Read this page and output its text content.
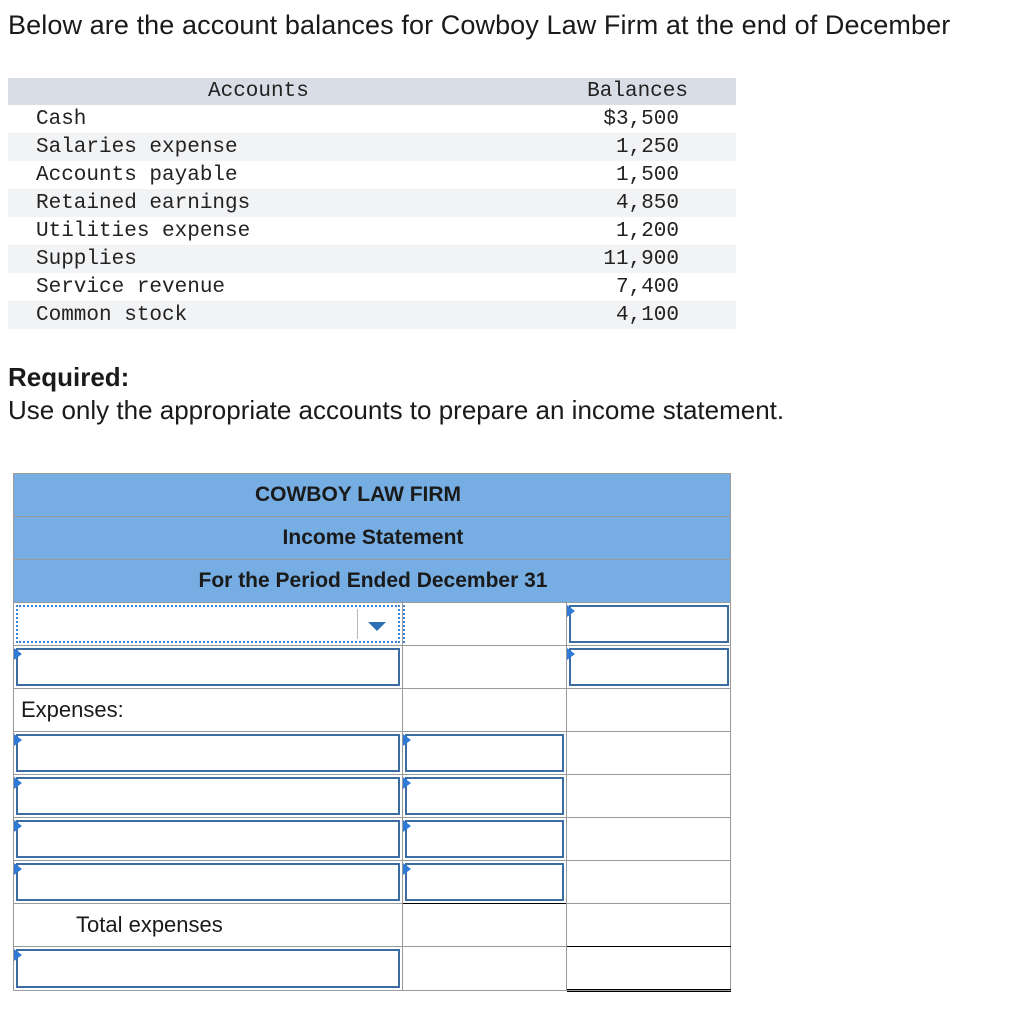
Below are the account balances for Cowboy Law Firm at the end of December
Accounts	Balances
Cash	$3,500
Salaries expense	1,250
Accounts payable	1,500
Retained earnings	4,850
Utilities expense	1,200
Supplies	11,900
Service revenue	7,400
Common stock	4,100
Required:
Use only the appropriate accounts to prepare an income statement.
COWBOY LAW FIRM
Income Statement
For the Period Ended December 31
Expenses:
Total expenses
